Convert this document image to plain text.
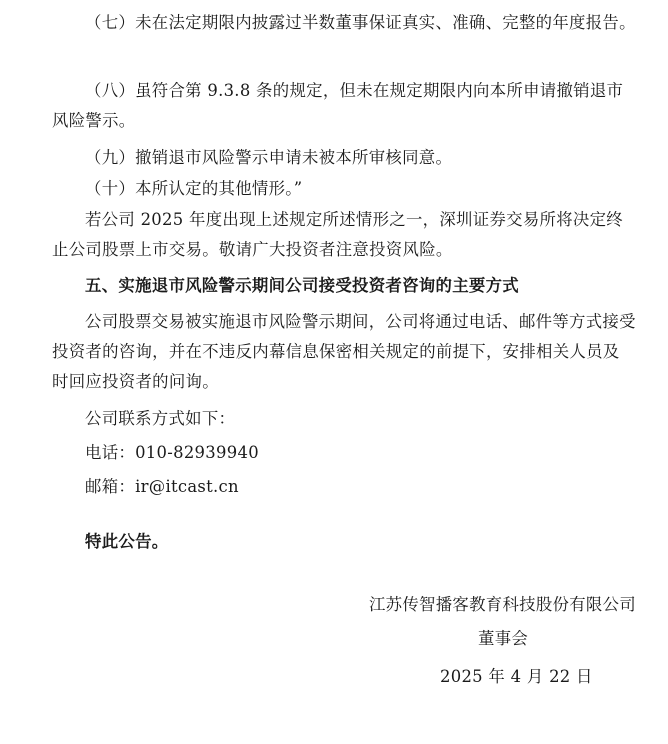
（七）未在法定期限内披露过半数董事保证真实、准确、完整的年度报告。

（八）虽符合第 9.3.8 条的规定，但未在规定期限内向本所申请撤销退市风险警示。

（九）撤销退市风险警示申请未被本所审核同意。

（十）本所认定的其他情形。”

若公司 2025 年度出现上述规定所述情形之一，深圳证券交易所将决定终止公司股票上市交易。敬请广大投资者注意投资风险。

五、实施退市风险警示期间公司接受投资者咨询的主要方式

公司股票交易被实施退市风险警示期间，公司将通过电话、邮件等方式接受投资者的咨询，并在不违反内幕信息保密相关规定的前提下，安排相关人员及时回应投资者的问询。

公司联系方式如下：

电话：010-82939940

邮箱：ir@itcast.cn

特此公告。

江苏传智播客教育科技股份有限公司

董事会

2025 年 4 月 22 日
